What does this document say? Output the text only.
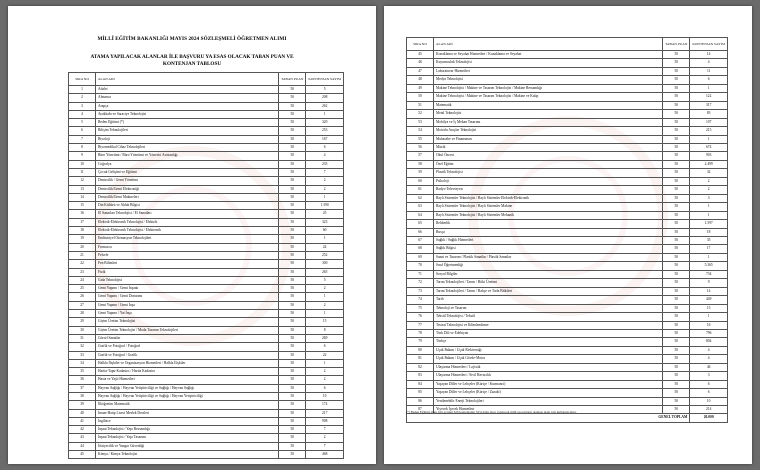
MİLLÎ EĞİTİM BAKANLIĞI MAYIS 2024 SÖZLEŞMELİ ÖĞRETMEN ALIMI
ATAMA YAPILACAK ALANLAR İLE BAŞVURU YA ESAS OLACAK TABAN PUAN VE
KONTENJAN TABLOSU
SIRA NO	ALAN ADI	TABAN PUAN	KONTENJAN SAYISI
1	Adalet	50	5
2	Almanca	50	208
3	Arapça	50	262
4	Ayakkabı ve Saraciye Teknolojisi	50	1
5	Beden Eğitimi (*)	50	320
6	Bilişim Teknolojileri	50	253
7	Biyoloji	50	167
8	Biyomedikal Cihaz Teknolojileri	50	6
9	Büro Yönetimi / Büro Yönetimi ve Yönetici Asistanlığı	50	4
10	Coğrafya	50	235
11	Çocuk Gelişimi ve Eğitimi	50	7
12	Denizcilik / Gemi Yönetimi	50	2
13	Denizcilik/Gemi Elektroniği	50	2
14	Denizcilik/Gemi Makineleri	50	1
15	Din Kültürü ve Ahlak Bilgisi	50	1.590
16	El Sanatları Teknolojisi / El Sanatları	50	25
17	Elektrik-Elektronik Teknolojisi / Elektrik	50	323
18	Elektrik-Elektronik Teknolojisi / Elektronik	50	60
19	Endüstriyel Otomasyon Teknolojileri	50	1
20	Fransızca	50	24
21	Felsefe	50	252
22	Fen Bilimleri	50	300
23	Fizik	50	265
24	Gıda Teknolojisi	50	5
25	Gemi Yapımı / Gemi İnşaatı	50	2
26	Gemi Yapımı / Gemi Donatımı	50	1
27	Gemi Yapımı / Gemi İnşa	50	2
28	Gemi Yapımı / Yat İnşa	50	1
29	Giyim Üretim Teknolojisi	50	15
30	Giyim Üretim Teknolojisi / Moda Tasarım Teknolojileri	50	8
31	Görsel Sanatlar	50	269
32	Grafik ve Fotoğraf / Fotoğraf	50	6
33	Grafik ve Fotoğraf / Grafik	50	22
34	Halkla İlişkiler ve Organizasyon Hizmetleri / Halkla İlişkiler	50	1
35	Harita-Tapu-Kadastro / Harita Kadastro	50	2
36	Hasta ve Yaşlı Hizmetleri	50	2
37	Hayvan Sağlığı / Hayvan Yetiştiriciliği ve Sağlığı / Hayvan Sağlığı	50	6
38	Hayvan Sağlığı / Hayvan Yetiştiriciliği ve Sağlığı / Hayvan Yetiştiriciliği	50	10
39	İlköğretim Matematik	50	174
40	İmam-Hatip Lisesi Meslek Dersleri	50	217
41	İngilizce	50	908
42	İnşaat Teknolojisi / Yapı Ressamlığı	50	7
43	İnşaat Teknolojisi / Yapı Tasarımı	50	2
44	İtfaiyecilik ve Yangın Güvenliği	50	7
45	Kimya / Kimya Teknolojisi	50	468
SIRA NO	ALAN ADI	TABAN PUAN	KONTENJAN SAYISI
45	Konaklama ve Seyahat Hizmetleri / Konaklama ve Seyahat	50	14
46	Kuyumculuk Teknolojisi	50	4
47	Laboratuvar Hizmetleri	50	11
48	Medya Teknolojisi	50	6
49	Makine Teknolojisi / Makine ve Tasarım Teknolojisi / Makine Ressamlığı	50	1
50	Makine Teknolojisi / Makine ve Tasarım Teknolojisi / Makine ve Kalıp	50	122
51	Matematik	50	317
52	Metal Teknolojisi	50	83
53	Mobilya ve İç Mekan Tasarımı	50	107
54	Motorlu Araçlar Teknolojisi	50	215
55	Muhasebe ve Finansman	50	1
56	Müzik	50	674
57	Okul Öncesi	50	903
58	Özel Eğitim	50	2.499
59	Plastik Teknolojisi	50	32
60	Psikoloji	50	2
61	Radyo-Televizyon	50	2
62	Raylı Sistemler Teknolojisi / Raylı Sistemler Elektrik-Elektronik	50	3
63	Raylı Sistemler Teknolojisi / Raylı Sistemler Makine	50	1
64	Raylı Sistemler Teknolojisi / Raylı Sistemler Mekanik	50	1
65	Rehberlik	50	1.597
66	Rusça	50	18
67	Sağlık / Sağlık Hizmetleri	50	35
68	Sağlık Bilgisi	50	17
69	Sanat ve Tasarım / Plastik Sanatlar / Plastik Sanatlar	50	1
70	Sınıf Öğretmenliği	50	5.365
71	Sosyal Bilgiler	50	734
72	Tarım Teknolojileri / Tarım / Bitki Üretimi	50	9
73	Tarım Teknolojileri / Tarım / Bahçe ve Tarla Bitkileri	50	14
74	Tarih	50	449
75	Teknoloji ve Tasarım	50	15
76	Tekstil Teknolojisi / Tekstil	50	1
77	Tesisat Teknolojisi ve İklimlendirme	50	16
78	Türk Dili ve Edebiyatı	50	796
79	Türkçe	50	804
80	Uçak Bakım / Uçak Elektroniği	50	4
81	Uçak Bakım / Uçak Gövde-Motor	50	4
82	Ulaştırma Hizmetleri / Lojistik	50	46
83	Ulaştırma Hizmetleri / Sivil Havacılık	50	3
84	Yaşayan Diller ve Lehçeler (Kürtçe / Kurmanci)	50	6
85	Yaşayan Diller ve Lehçeler (Kürtçe / Zazaki)	50	6
86	Yenilenebilir Enerji Teknolojileri	50	10
87	Yiyecek İçecek Hizmetleri	50	214
GENEL TOPLAM			20.000
(*) Beden Eğitimi alanı için ayrılan 320 kontenjanın 32'si daha önce yapılacak milli sporcuların ataması alanı için kullanılacaktır.
